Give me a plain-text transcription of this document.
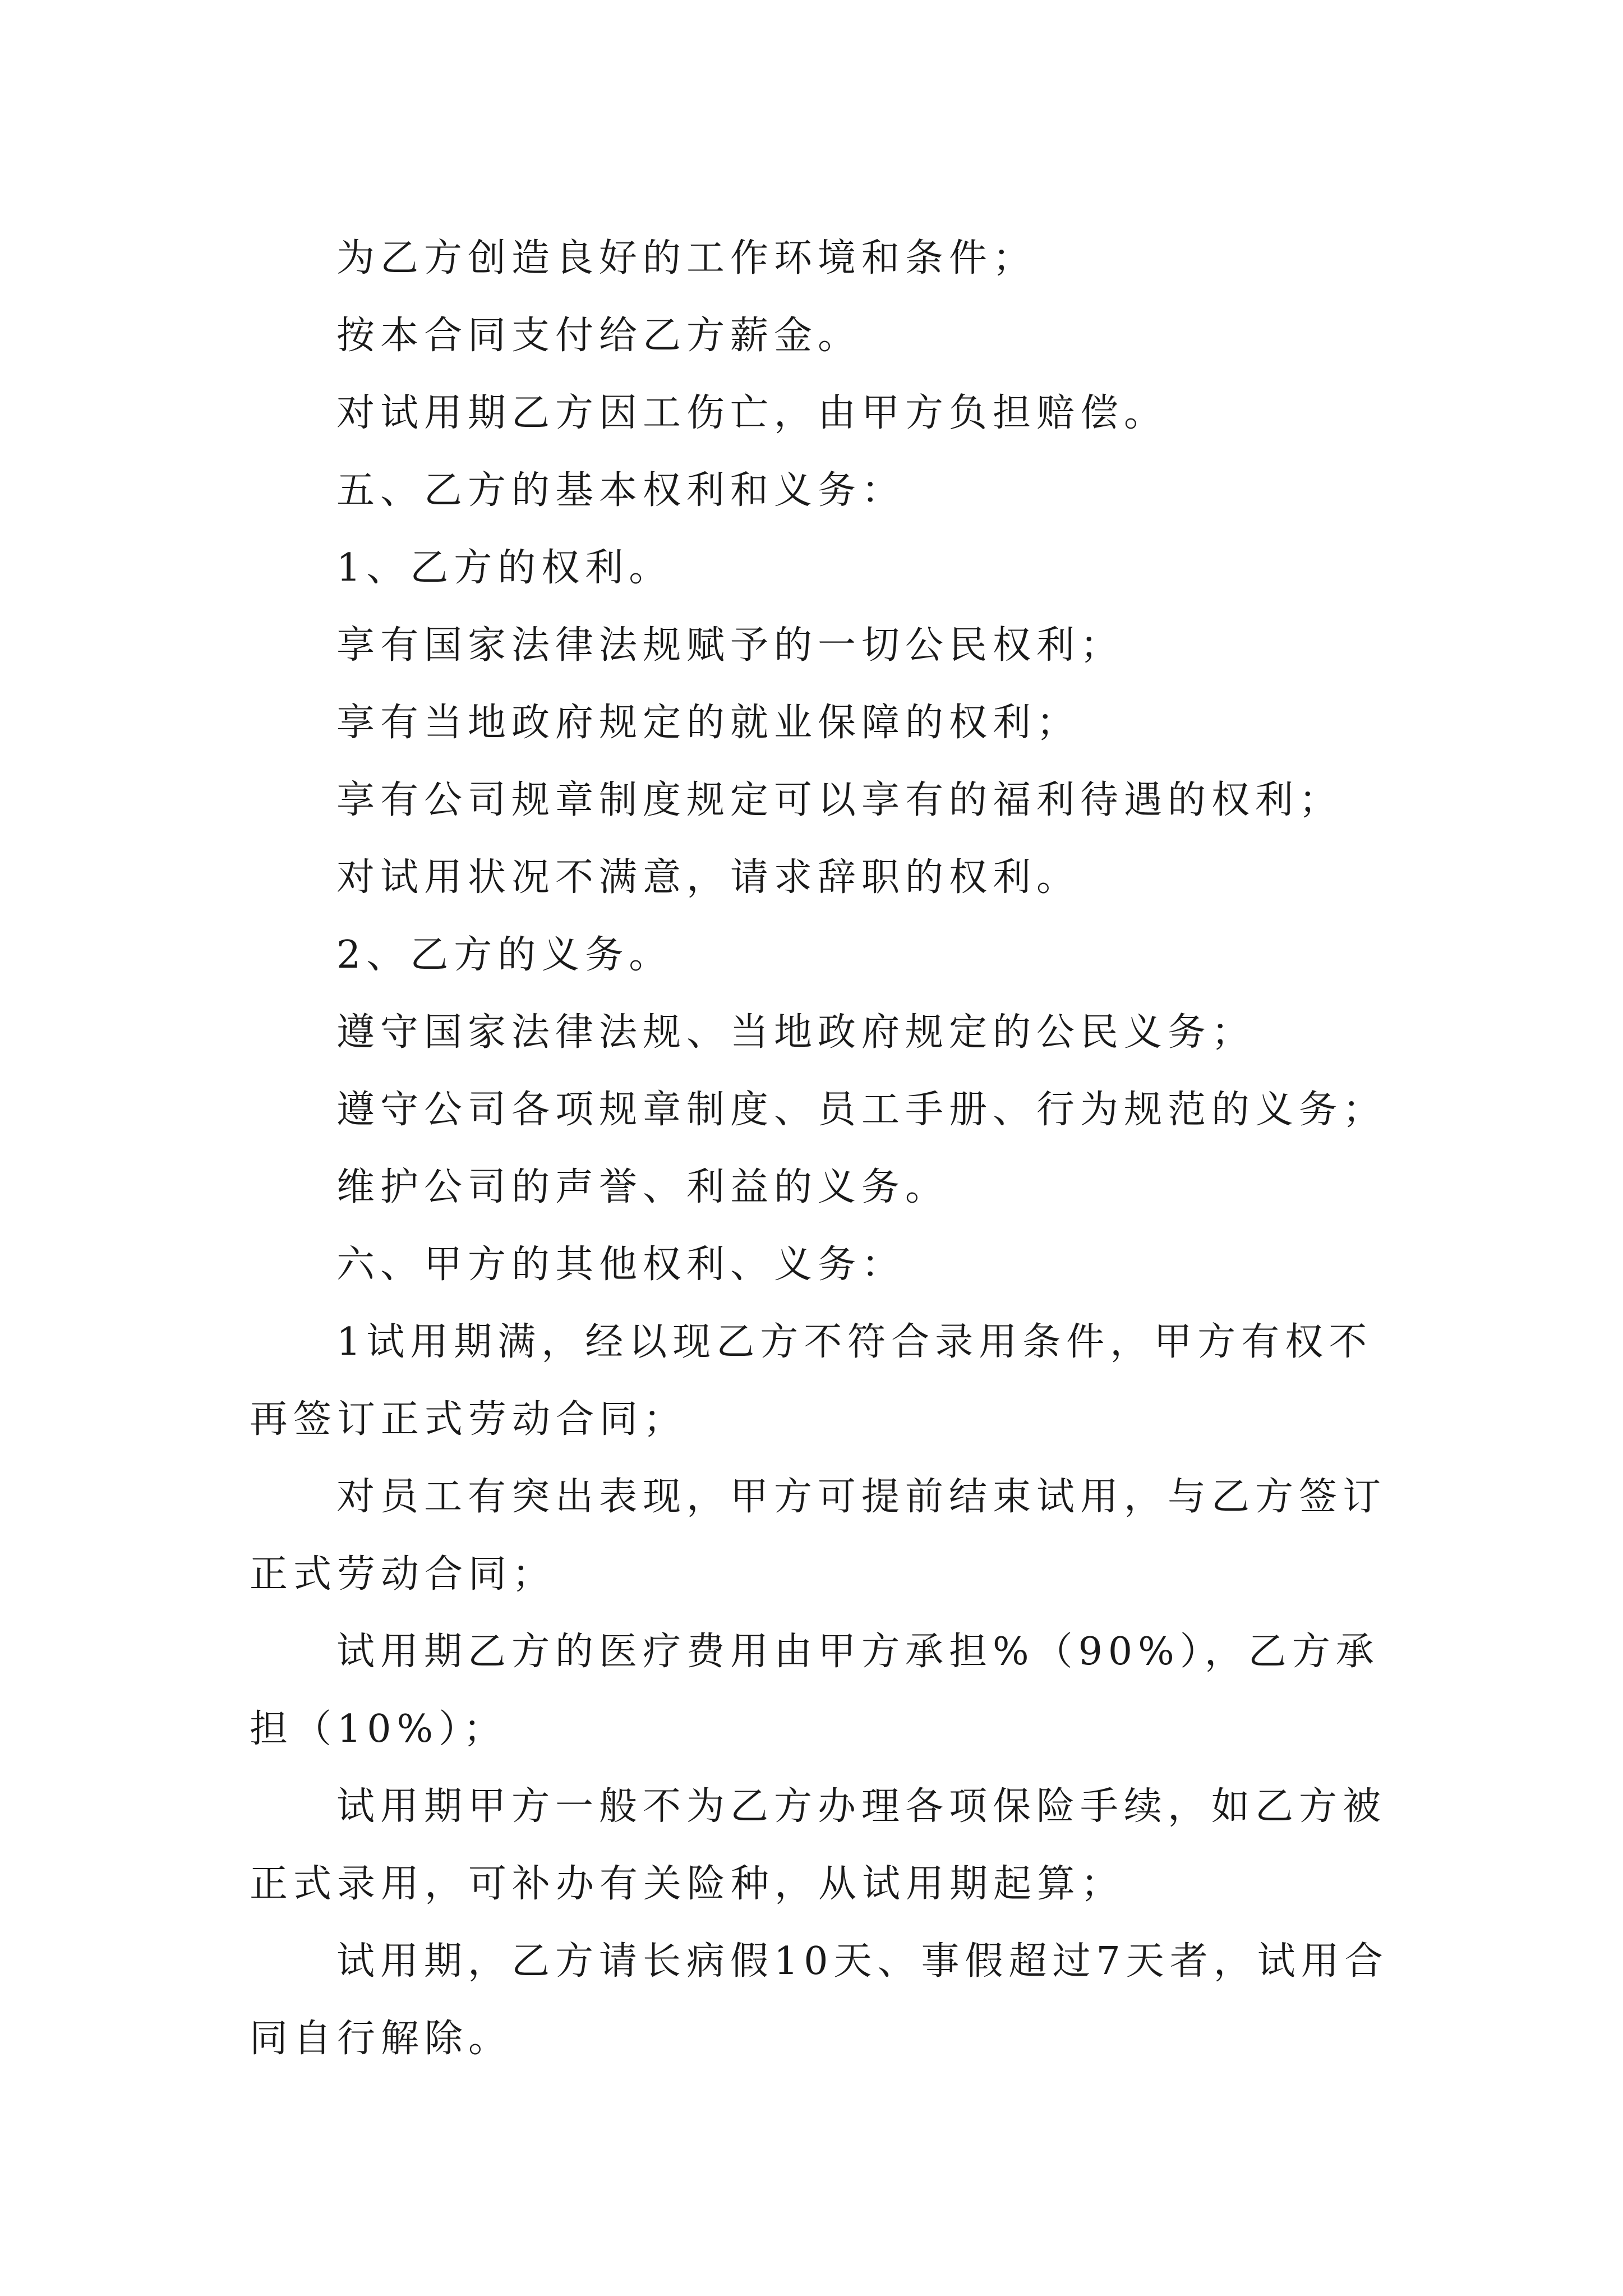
为乙方创造良好的工作环境和条件；

按本合同支付给乙方薪金。

对试用期乙方因工伤亡，由甲方负担赔偿。

五、乙方的基本权利和义务：

1、乙方的权利。

享有国家法律法规赋予的一切公民权利；

享有当地政府规定的就业保障的权利；

享有公司规章制度规定可以享有的福利待遇的权利；

对试用状况不满意，请求辞职的权利。

2、乙方的义务。

遵守国家法律法规、当地政府规定的公民义务；

遵守公司各项规章制度、员工手册、行为规范的义务；

维护公司的声誉、利益的义务。

六、甲方的其他权利、义务：

1试用期满，经以现乙方不符合录用条件，甲方有权不再签订正式劳动合同；

对员工有突出表现，甲方可提前结束试用，与乙方签订正式劳动合同；

试用期乙方的医疗费用由甲方承担%（90%），乙方承担（10%）；

试用期甲方一般不为乙方办理各项保险手续，如乙方被正式录用，可补办有关险种，从试用期起算；

试用期，乙方请长病假10天、事假超过7天者，试用合同自行解除。
